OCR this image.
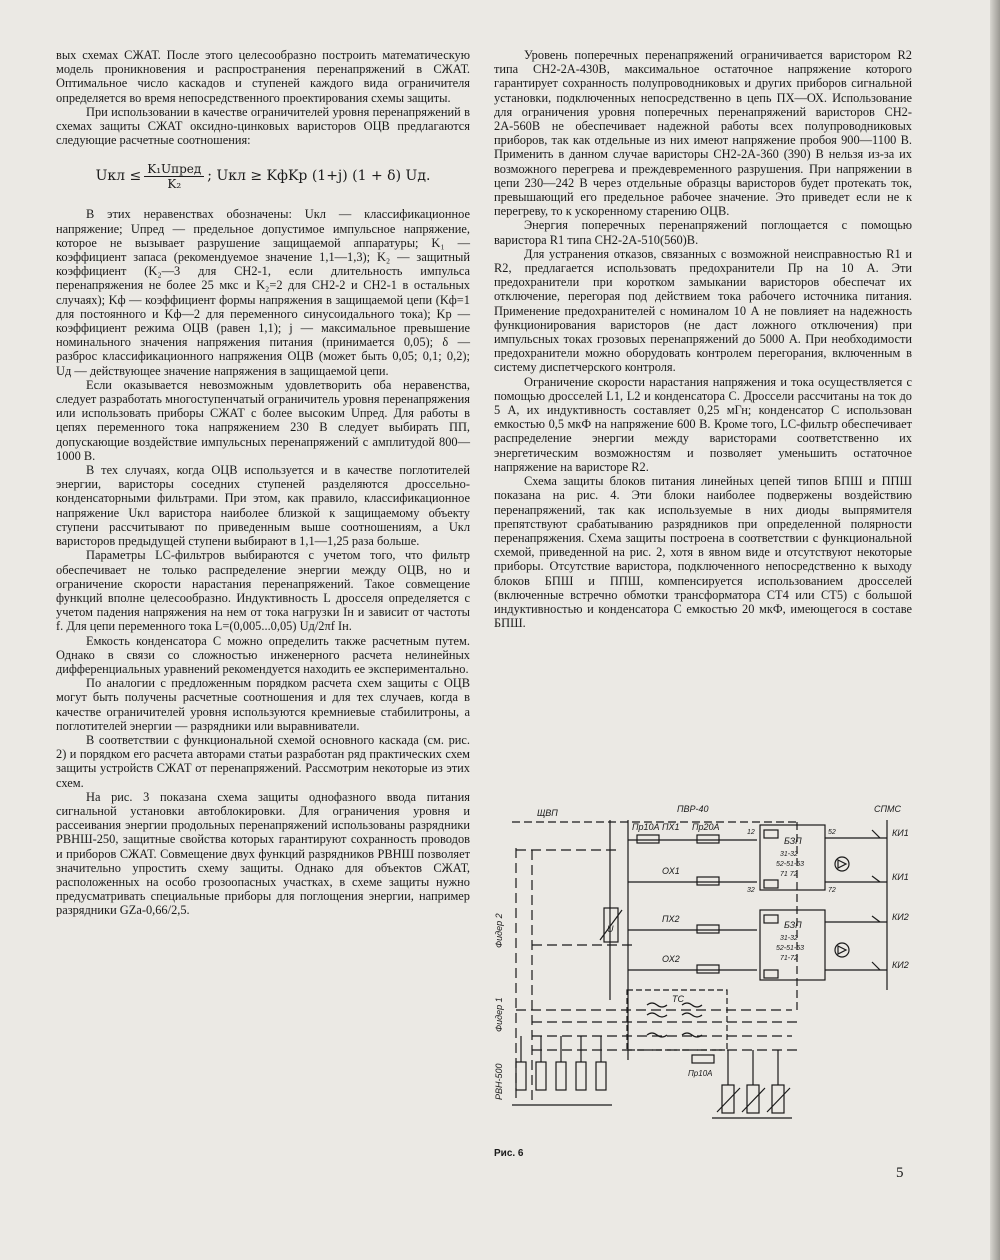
вых схемах СЖАТ. После этого целесообразно построить математическую модель проникновения и распространения перенапряжений в СЖАТ. Оптимальное число каскадов и ступеней каждого вида ограничителя определяется во время непосредственного проектирования схемы защиты.

При использовании в качестве ограничителей уровня перенапряжений в схемах защиты СЖАТ оксидно-цинковых варисторов ОЦВ предлагаются следующие расчетные соотношения:

Uкл ≤ $\frac{\text{K₁Uпред}}{\text{K₂}}$ ; Uкл ≥ KфKр (1+j) (1 + δ) Uд.

В этих неравенствах обозначены: Uкл — классификационное напряжение; Uпред — предельное допустимое импульсное напряжение, которое не вызывает разрушение защищаемой аппаратуры; K₁ — коэффициент запаса (рекомендуемое значение 1,1—1,3); K₂ — защитный коэффициент (K₂—3 для СН2-1, если длительность импульса перенапряжения не более 25 мкс и K₂=2 для СН2-2 и СН2-1 в остальных случаях); Kф — коэффициент формы напряжения в защищаемой цепи (Kф=1 для постоянного и Kф—2 для переменного синусоидального тока); Kр — коэффициент режима ОЦВ (равен 1,1); j — максимальное превышение номинального значения напряжения питания (принимается 0,05); δ — разброс классификационного напряжения ОЦВ (может быть 0,05; 0,1; 0,2); Uд — действующее значение напряжения в защищаемой цепи.

Если оказывается невозможным удовлетворить оба неравенства, следует разработать многоступенчатый ограничитель уровня перенапряжения или использовать приборы СЖАТ с более высоким Uпред. Для работы в цепях переменного тока напряжением 230 В следует выбирать ПП, допускающие воздействие импульсных перенапряжений с амплитудой 800—1000 В.

В тех случаях, когда ОЦВ используется и в качестве поглотителей энергии, варисторы соседних ступеней разделяются дроссельно-конденсаторными фильтрами. При этом, как правило, классификационное напряжение Uкл варистора наиболее близкой к защищаемому объекту ступени рассчитывают по приведенным выше соотношениям, а Uкл варисторов предыдущей ступени выбирают в 1,1—1,25 раза больше.

Параметры LC-фильтров выбираются с учетом того, что фильтр обеспечивает не только распределение энергии между ОЦВ, но и ограничение скорости нарастания перенапряжений. Такое совмещение функций вполне целесообразно. Индуктивность L дросселя определяется с учетом падения напряжения на нем от тока нагрузки Iн и зависит от частоты f. Для цепи переменного тока L=(0,005...0,05) Uд/2πf Iн.

Емкость конденсатора C можно определить также расчетным путем. Однако в связи со сложностью инженерного расчета нелинейных дифференциальных уравнений рекомендуется находить ее экспериментально.

По аналогии с предложенным порядком расчета схем защиты с ОЦВ могут быть получены расчетные соотношения и для тех случаев, когда в качестве ограничителей уровня используются кремниевые стабилитроны, а поглотителей энергии — разрядники или выравниватели.

В соответствии с функциональной схемой основного каскада (см. рис. 2) и порядком его расчета авторами статьи разработан ряд практических схем защиты устройств СЖАТ от перенапряжений. Рассмотрим некоторые из этих схем.

На рис. 3 показана схема защиты однофазного ввода питания сигнальной установки автоблокировки. Для ограничения уровня и рассеивания энергии продольных перенапряжений использованы разрядники РВНШ-250, защитные свойства которых гарантируют сохранность проводов и приборов СЖАТ. Совмещение двух функций разрядников РВНШ позволяет значительно упростить схему защиты. Однако для объектов СЖАТ, расположенных на особо грозоопасных участках, в схеме защиты нужно предусматривать специальные приборы для поглощения энергии, например разрядники GZa-0,66/2,5.

Уровень поперечных перенапряжений ограничивается варистором R2 типа СН2-2А-430В, максимальное остаточное напряжение которого гарантирует сохранность полупроводниковых и других приборов сигнальной установки, подключенных непосредственно в цепь ПХ—ОХ. Использование для ограничения уровня поперечных перенапряжений варисторов СН2-2А-560В не обеспечивает надежной работы всех полупроводниковых приборов, так как отдельные из них имеют напряжение пробоя 900—1100 В. Применить в данном случае варисторы СН2-2А-360 (390) В нельзя из-за их возможного перегрева и преждевременного разрушения. При напряжении в цепи 230—242 В через отдельные образцы варисторов будет протекать ток, превышающий его предельное рабочее значение. Это приведет если не к перегреву, то к ускоренному старению ОЦВ.

Энергия поперечных перенапряжений поглощается с помощью варистора R1 типа СН2-2А-510(560)В.

Для устранения отказов, связанных с возможной неисправностью R1 и R2, предлагается использовать предохранители Пр на 10 А. Эти предохранители при коротком замыкании варисторов обеспечат их отключение, перегорая под действием тока рабочего источника питания. Применение предохранителей с номиналом 10 А не повлияет на надежность функционирования варисторов (не даст ложного отключения) при импульсных токах грозовых перенапряжений до 5000 А. При необходимости предохранители можно оборудовать контролем перегорания, включенным в систему диспетчерского контроля.

Ограничение скорости нарастания напряжения и тока осуществляется с помощью дросселей L1, L2 и конденсатора C. Дроссели рассчитаны на ток до 5 А, их индуктивность составляет 0,25 мГн; конденсатор C использован емкостью 0,5 мкФ на напряжение 600 В. Кроме того, LC-фильтр обеспечивает распределение энергии между варисторами соответственно их энергетическим возможностям и позволяет уменьшить остаточное напряжение на варисторе R2.

Схема защиты блоков питания линейных цепей типов БПШ и ППШ показана на рис. 4. Эти блоки наиболее подвержены воздействию перенапряжений, так как используемые в них диоды выпрямителя препятствуют срабатыванию разрядников при определенной полярности перенапряжения. Схема защиты построена в соответствии с функциональной схемой, приведенной на рис. 2, хотя в явном виде и отсутствуют некоторые приборы. Отсутствие варистора, подключенного непосредственно к выходу блоков БПШ и ППШ, компенсируется использованием дросселей (включенные встречно обмотки трансформатора СТ4 или СТ5) с большой индуктивностью и конденсатора C емкостью 20 мкФ, имеющегося в составе БПШ.

ЩВП	ПВР-40	СПМС
Пр10А	Пр20А
ПХ1
ОХ1
ПХ2
ОХ2
КИ1
КИ1
КИ2
КИ2
БЗП
31-32
52-51-53
71 72
БЗП
31-32
52-51-53
71-72
ТС
U
Пр10А
12	52
32	72
Фидер 2
Фидер 1
РВН-500
Рис. 6
5
